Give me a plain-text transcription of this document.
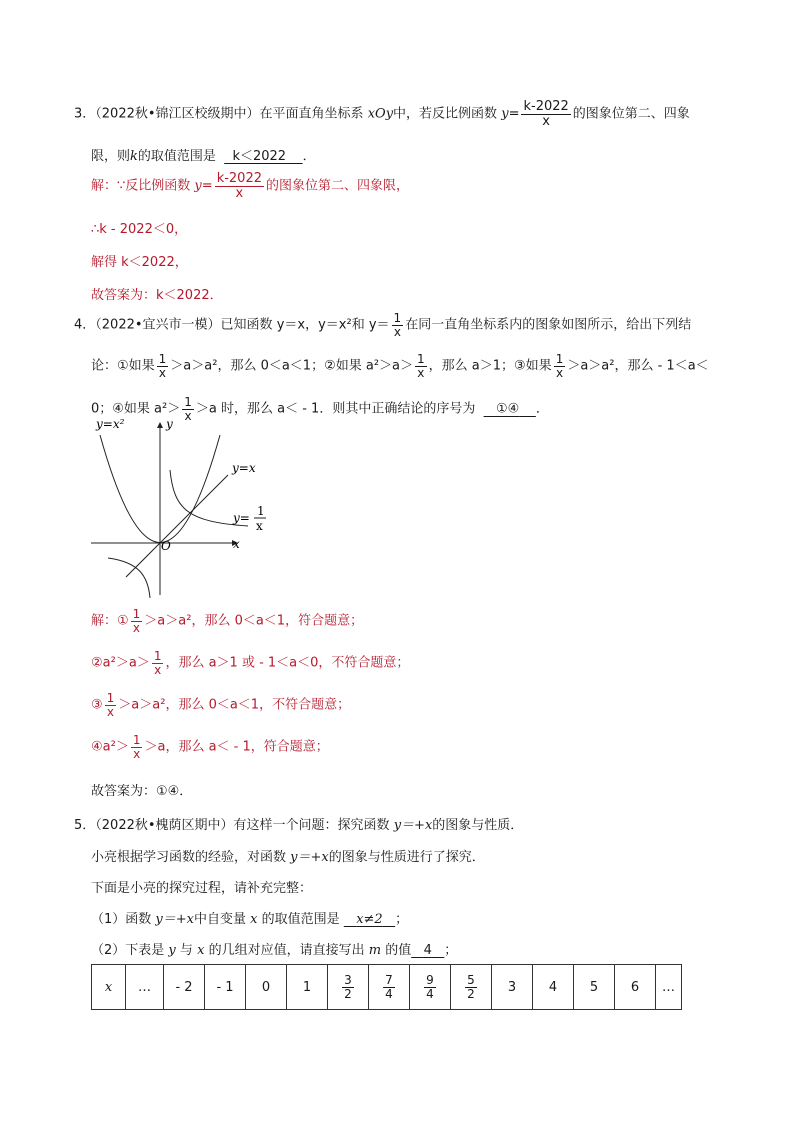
3．（2022秋•锦江区校级期中）在平面直角坐标系 xOy中，若反比例函数 $y= \frac{k-2022}{x}$ 的图象位第二、四象
限，则k的取值范围是 k＜2022 ．
解：∵反比例函数 $y= \frac{k-2022}{x}$ 的图象位第二、四象限，
∴k - 2022＜0，
解得 k＜2022，
故答案为：k＜2022．
4．（2022•宜兴市一模）已知函数 y＝x，y＝x²和 $y= \frac{1}{x}$ 在同一直角坐标系内的图象如图所示，给出下列结
论：①如果 $\frac{1}{x} >a>a^2$，那么 0＜a＜1；②如果 $a^2>a> \frac{1}{x}$ ，那么 a＞1；③如果 $\frac{1}{x} >a>a^2$，那么 - 1＜a＜
0；④如果 $a^2> \frac{1}{x} >a$ 时，那么 a＜ - 1．则其中正确结论的序号为 ①④ ．
y=x²	y
y=x
y= 1
x
x
O
解：① $\frac{1}{x} >a>a^2$，那么 0＜a＜1，符合题意；
②a²＞a＞ $\frac{1}{x}$ ，那么 a＞1 或 - 1＜a＜0，不符合题意；
③ $\frac{1}{x} >a>a^2$，那么 0＜a＜1，不符合题意；
④a²＞ $\frac{1}{x} >a$，那么 a＜ - 1，符合题意；
故答案为：①④．
5．（2022秋•槐荫区期中）有这样一个问题：探究函数 y＝+x的图象与性质．
小亮根据学习函数的经验，对函数 y＝+x的图象与性质进行了探究．
下面是小亮的探究过程，请补充完整：
（1）函数 y＝+x中自变量 x 的取值范围是 x≠2 ；
（2）下表是 y 与 x 的几组对应值，请直接写出 m 的值 4 ；
x	…	- 2	- 1	0	1	$\frac{3}{2}$	$\frac{7}{4}$	$\frac{9}{4}$	$\frac{5}{2}$	3	4	5	6	…
